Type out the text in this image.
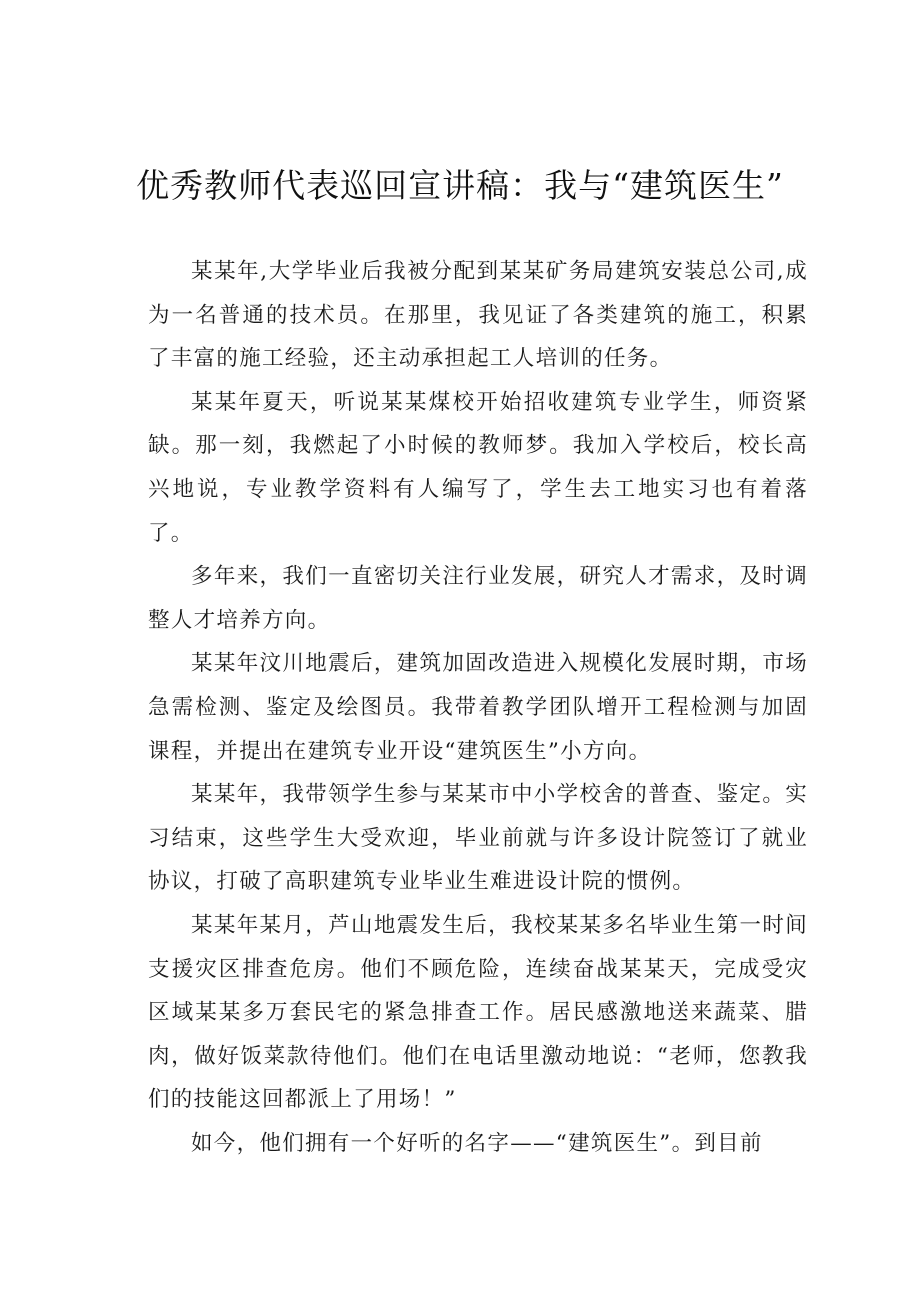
优秀教师代表巡回宣讲稿：我与“建筑医生”

某某年,大学毕业后我被分配到某某矿务局建筑安装总公司,成为一名普通的技术员。在那里，我见证了各类建筑的施工，积累了丰富的施工经验，还主动承担起工人培训的任务。

某某年夏天，听说某某煤校开始招收建筑专业学生，师资紧缺。那一刻，我燃起了小时候的教师梦。我加入学校后，校长高兴地说，专业教学资料有人编写了，学生去工地实习也有着落了。

多年来，我们一直密切关注行业发展，研究人才需求，及时调整人才培养方向。

某某年汶川地震后，建筑加固改造进入规模化发展时期，市场急需检测、鉴定及绘图员。我带着教学团队增开工程检测与加固课程，并提出在建筑专业开设“建筑医生”小方向。

某某年，我带领学生参与某某市中小学校舍的普查、鉴定。实习结束，这些学生大受欢迎，毕业前就与许多设计院签订了就业协议，打破了高职建筑专业毕业生难进设计院的惯例。

某某年某月，芦山地震发生后，我校某某多名毕业生第一时间支援灾区排查危房。他们不顾危险，连续奋战某某天，完成受灾区域某某多万套民宅的紧急排查工作。居民感激地送来蔬菜、腊肉，做好饭菜款待他们。他们在电话里激动地说：“老师，您教我们的技能这回都派上了用场！”

如今，他们拥有一个好听的名字——“建筑医生”。到目前
